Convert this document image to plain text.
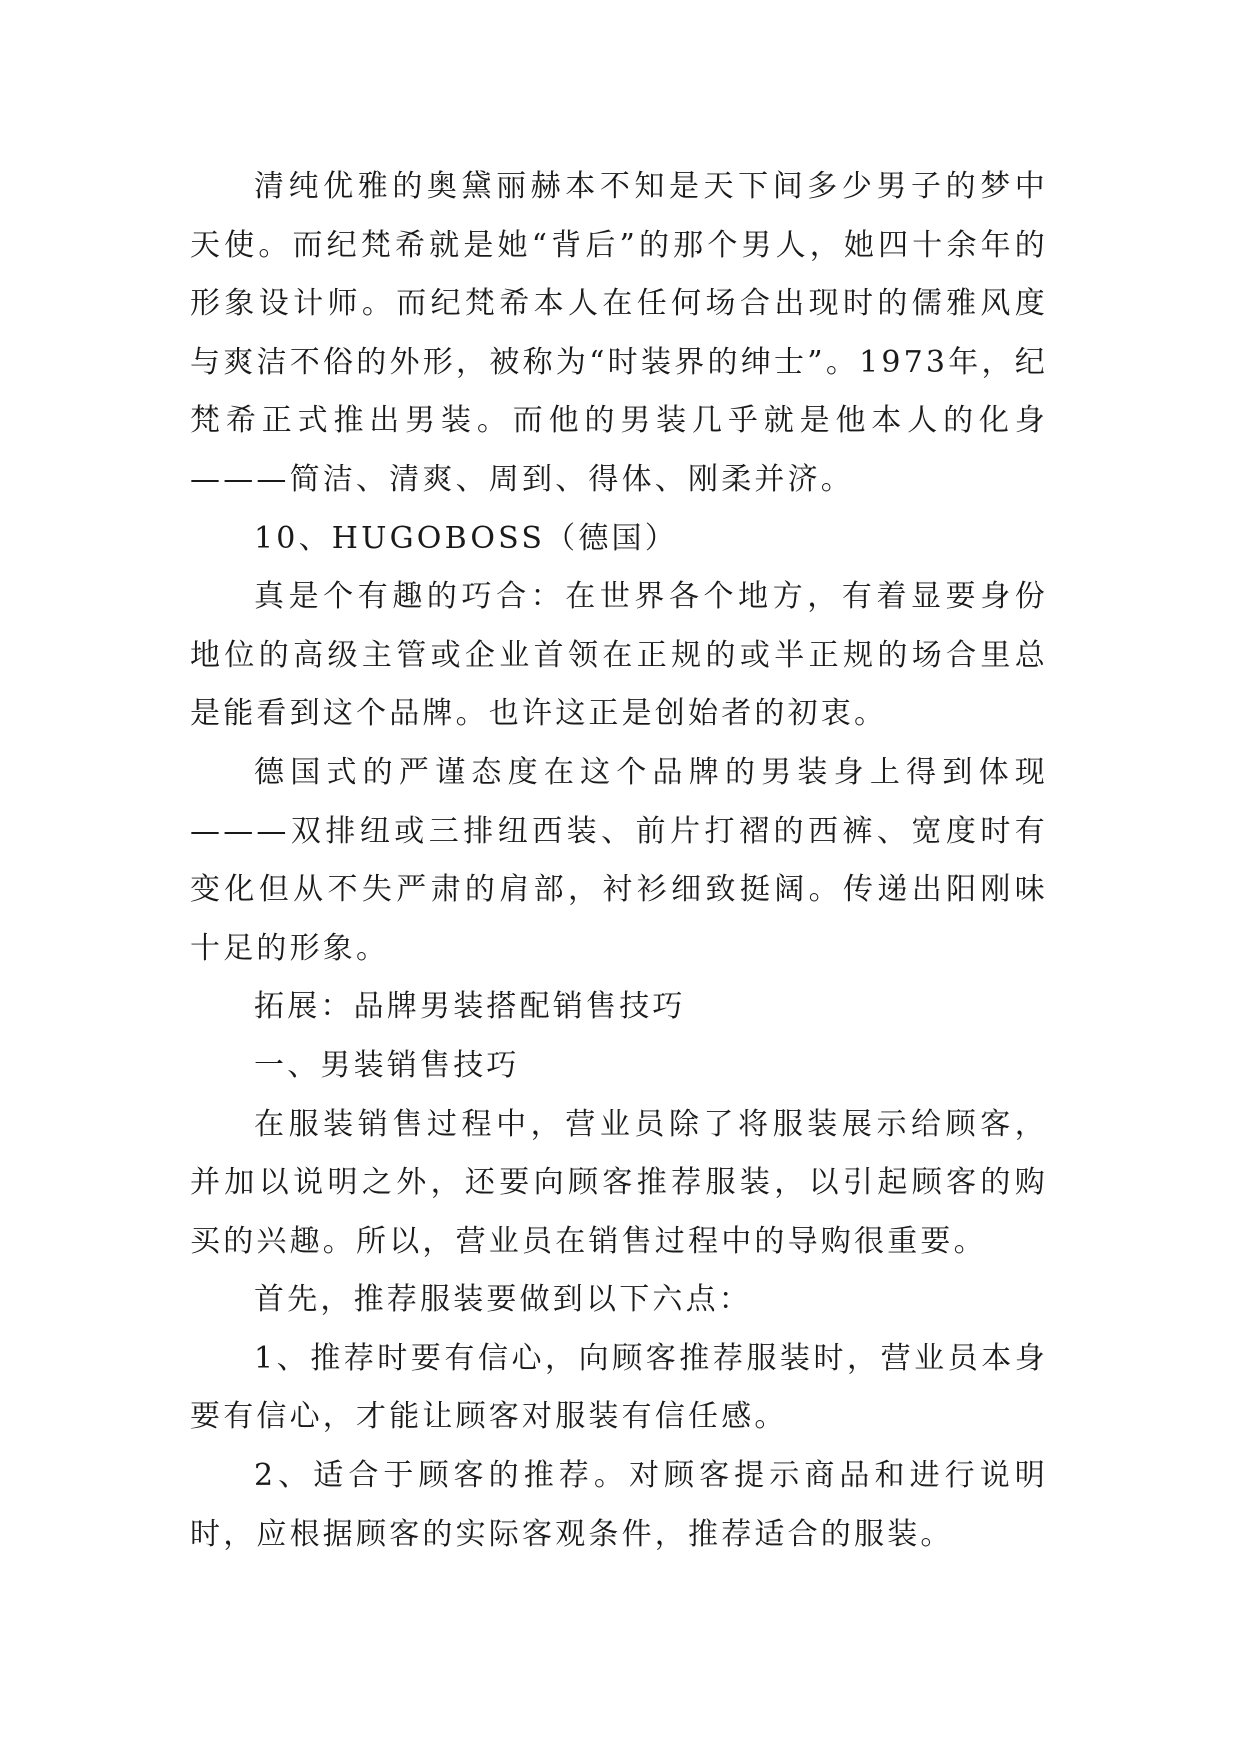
清纯优雅的奥黛丽赫本不知是天下间多少男子的梦中天使。而纪梵希就是她“背后”的那个男人，她四十余年的形象设计师。而纪梵希本人在任何场合出现时的儒雅风度与爽洁不俗的外形，被称为“时装界的绅士”。1973年，纪梵希正式推出男装。而他的男装几乎就是他本人的化身———简洁、清爽、周到、得体、刚柔并济。

10、HUGOBOSS（德国）

真是个有趣的巧合：在世界各个地方，有着显要身份地位的高级主管或企业首领在正规的或半正规的场合里总是能看到这个品牌。也许这正是创始者的初衷。

德国式的严谨态度在这个品牌的男装身上得到体现———双排纽或三排纽西装、前片打褶的西裤、宽度时有变化但从不失严肃的肩部，衬衫细致挺阔。传递出阳刚味十足的形象。

拓展：品牌男装搭配销售技巧

一、男装销售技巧

在服装销售过程中，营业员除了将服装展示给顾客，并加以说明之外，还要向顾客推荐服装，以引起顾客的购买的兴趣。所以，营业员在销售过程中的导购很重要。

首先，推荐服装要做到以下六点：

1、推荐时要有信心，向顾客推荐服装时，营业员本身要有信心，才能让顾客对服装有信任感。

2、适合于顾客的推荐。对顾客提示商品和进行说明时，应根据顾客的实际客观条件，推荐适合的服装。
